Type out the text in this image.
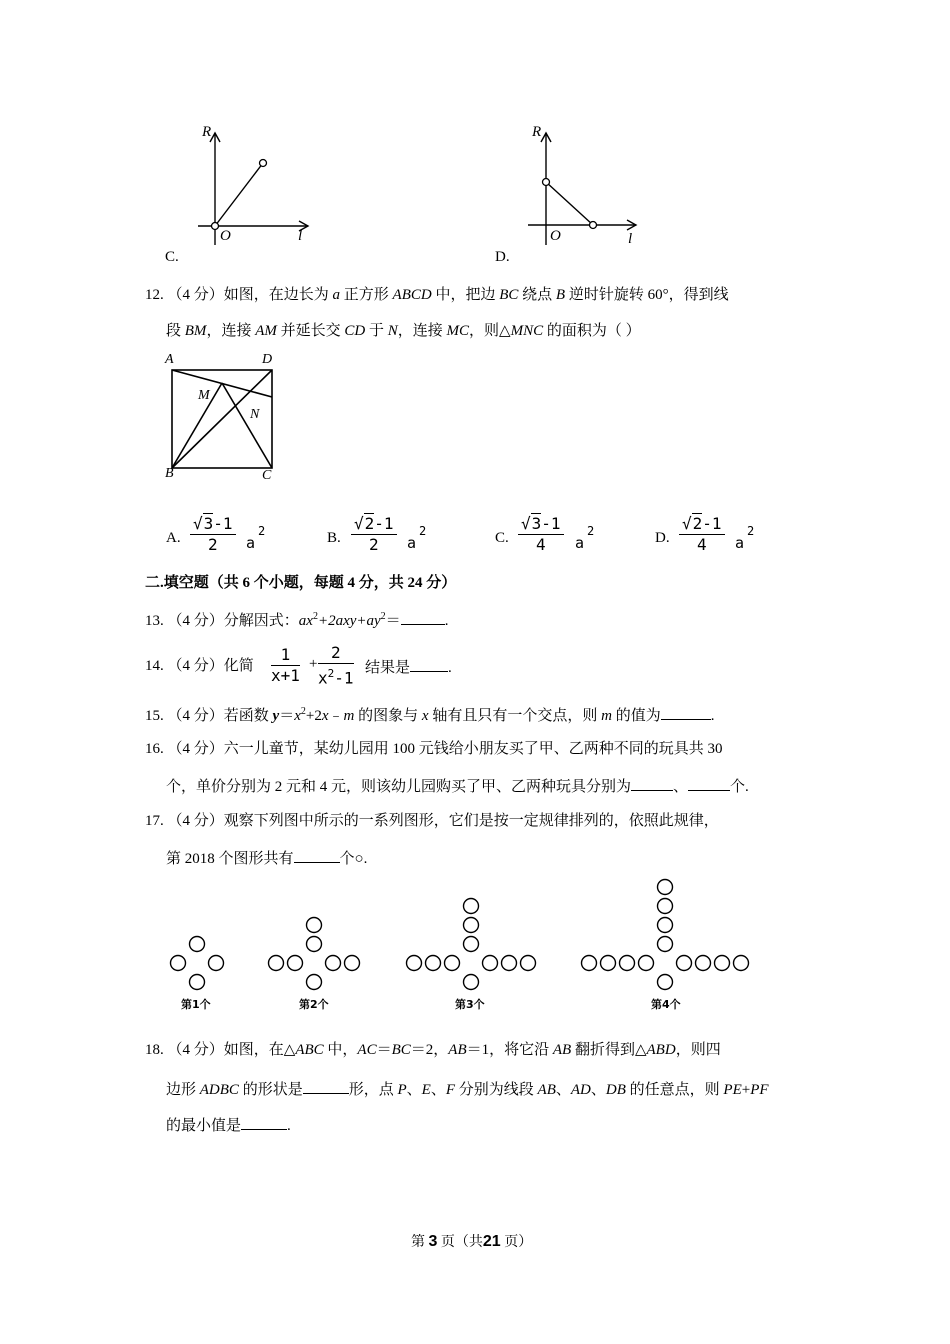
R
O	l
C.
R
O	l
D.
12. （4 分）如图，在边长为 a 正方形 ABCD 中，把边 BC 绕点 B 逆时针旋转 60°，得到线
段 BM，连接 AM 并延长交 CD 于 N，连接 MC，则△MNC 的面积为（ ）
A	D
M
N
B	C
A. $\frac{√3-1}{2}$ a
2	B. $\frac{√2-1}{2}$ a
2	C. $\frac{√3-1}{4}$ a
2	D. $\frac{√2-1}{4}$ a
2
二.填空题（共 6 个小题，每题 4 分，共 24 分）
13. （4 分）分解因式：$ax^2+2axy+ay^2=$	.
14. （4 分）化简 $\frac{1}{x+1} + \frac{2}{x^2-1}$ 结果是	.
15. （4 分）若函数 $y=x^2+2x﹣m$ 的图象与 x 轴有且只有一个交点，则 m 的值为	.
16. （4 分）六一儿童节，某幼儿园用 100 元钱给小朋友买了甲、乙两种不同的玩具共 30
个，单价分别为 2 元和 4 元，则该幼儿园购买了甲、乙两种玩具分别为	、	个.
17. （4 分）观察下列图中所示的一系列图形，它们是按一定规律排列的，依照此规律，
第 2018 个图形共有	个○.
第1个	第2个	第3个	第4个
18. （4 分）如图，在△ABC 中，AC＝BC＝2，AB＝1，将它沿 AB 翻折得到△ABD，则四
边形 ADBC 的形状是	形，点 P、E、F 分别为线段 AB、AD、DB 的任意点，则 PE+PF
的最小值是	.
第 3 页（共21 页）
